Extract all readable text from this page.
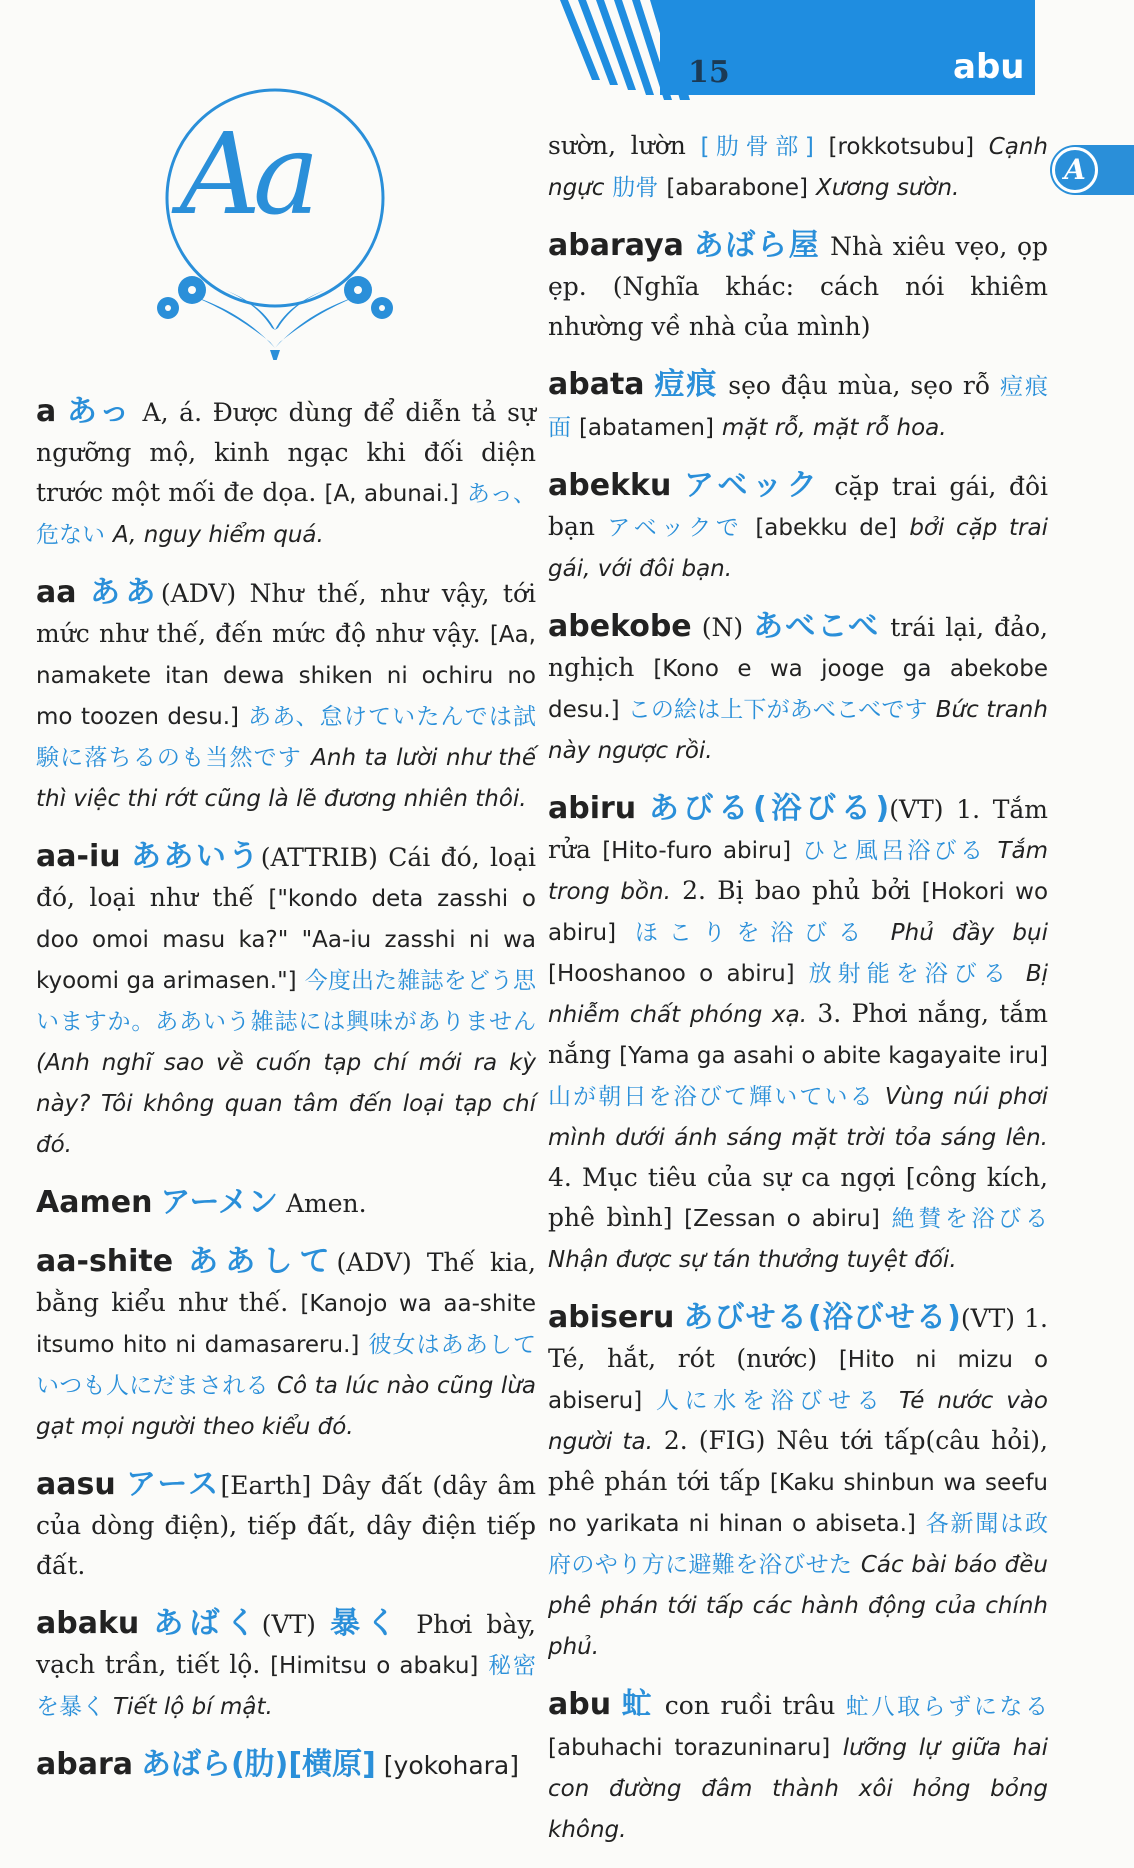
15	abu
A
Aa
a あっ A, á. Được dùng để diễn tả sự ngưỡng mộ, kinh ngạc khi đối diện trước một mối đe dọa. [A, abunai.] あっ、危ない A, nguy hiểm quá.
aa ああ(ADV) Như thế, như vậy, tới mức như thế, đến mức độ như vậy. [Aa, namakete itan dewa shiken ni ochiru no mo toozen desu.] ああ、怠けていたんでは試験に落ちるのも当然です Anh ta lười như thế thì việc thi rớt cũng là lẽ đương nhiên thôi.
aa-iu ああいう(ATTRIB) Cái đó, loại đó, loại như thế ["kondo deta zasshi o doo omoi masu ka?" "Aa-iu zasshi ni wa kyoomi ga arimasen."] 今度出た雑誌をどう思いますか。ああいう雑誌には興味がありません (Anh nghĩ sao về cuốn tạp chí mới ra kỳ này? Tôi không quan tâm đến loại tạp chí đó.
Aamen アーメン Amen.
aa-shite ああして(ADV) Thế kia, bằng kiểu như thế. [Kanojo wa aa-shite itsumo hito ni damasareru.] 彼女はああしていつも人にだまされる Cô ta lúc nào cũng lừa gạt mọi người theo kiểu đó.
aasu アース[Earth] Dây đất (dây âm của dòng điện), tiếp đất, dây điện tiếp đất.
abaku あばく(VT) 暴く Phơi bày, vạch trần, tiết lộ. [Himitsu o abaku] 秘密を暴く Tiết lộ bí mật.
abara あばら(肋)[横原] [yokohara]
sườn, lườn [肋骨部] [rokkotsubu] Cạnh ngực 肋骨 [abarabone] Xương sườn.
abaraya あばら屋 Nhà xiêu vẹo, ọp ẹp. (Nghĩa khác: cách nói khiêm nhường về nhà của mình)
abata 痘痕 sẹo đậu mùa, sẹo rỗ 痘痕面 [abatamen] mặt rỗ, mặt rỗ hoa.
abekku アベック cặp trai gái, đôi bạn アベックで [abekku de] bởi cặp trai gái, với đôi bạn.
abekobe (N) あべこべ trái lại, đảo, nghịch [Kono e wa jooge ga abekobe desu.] この絵は上下があべこべです Bức tranh này ngược rồi.
abiru あびる(浴びる)(VT) 1. Tắm rửa [Hito-furo abiru] ひと風呂浴びる Tắm trong bồn. 2. Bị bao phủ bởi [Hokori wo abiru] ほこりを浴びる Phủ đầy bụi [Hooshanoo o abiru] 放射能を浴びる Bị nhiễm chất phóng xạ. 3. Phơi nắng, tắm nắng [Yama ga asahi o abite kagayaite iru] 山が朝日を浴びて輝いている Vùng núi phơi mình dưới ánh sáng mặt trời tỏa sáng lên. 4. Mục tiêu của sự ca ngợi [công kích, phê bình] [Zessan o abiru] 絶賛を浴びる Nhận được sự tán thưởng tuyệt đối.
abiseru あびせる(浴びせる)(VT) 1. Té, hắt, rót (nước) [Hito ni mizu o abiseru] 人に水を浴びせる Té nước vào người ta. 2. (FIG) Nêu tới tấp(câu hỏi), phê phán tới tấp [Kaku shinbun wa seefu no yarikata ni hinan o abiseta.] 各新聞は政府のやり方に避難を浴びせた Các bài báo đều phê phán tới tấp các hành động của chính phủ.
abu 虻 con ruồi trâu 虻八取らずになる [abuhachi torazuninaru] lưỡng lự giữa hai con đường đâm thành xôi hỏng bỏng không.
